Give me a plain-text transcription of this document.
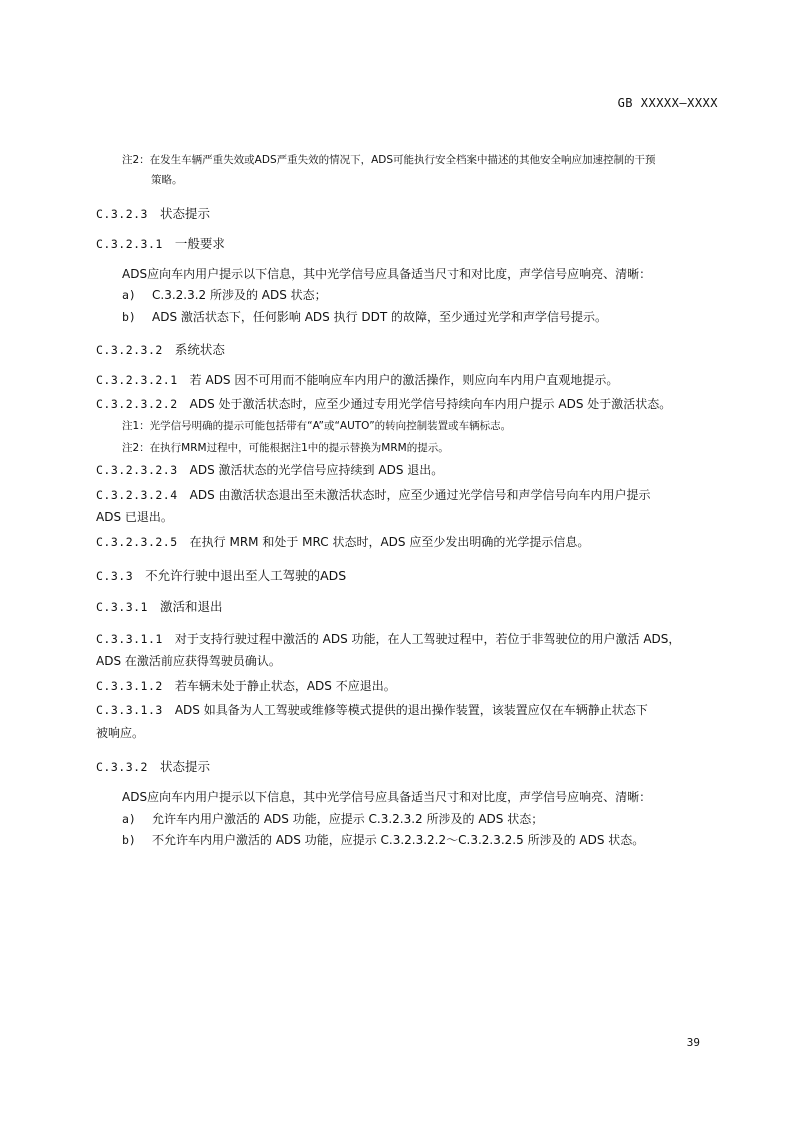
GB XXXXX—XXXX
注2：在发生车辆严重失效或ADS严重失效的情况下，ADS可能执行安全档案中描述的其他安全响应加速控制的干预
策略。
C.3.2.3 状态提示
C.3.2.3.1 一般要求
ADS应向车内用户提示以下信息，其中光学信号应具备适当尺寸和对比度，声学信号应响亮、清晰：
a) C.3.2.3.2 所涉及的 ADS 状态；
b) ADS 激活状态下，任何影响 ADS 执行 DDT 的故障，至少通过光学和声学信号提示。
C.3.2.3.2 系统状态
C.3.2.3.2.1 若 ADS 因不可用而不能响应车内用户的激活操作，则应向车内用户直观地提示。
C.3.2.3.2.2 ADS 处于激活状态时，应至少通过专用光学信号持续向车内用户提示 ADS 处于激活状态。
注1：光学信号明确的提示可能包括带有“A”或“AUTO”的转向控制装置或车辆标志。
注2：在执行MRM过程中，可能根据注1中的提示替换为MRM的提示。
C.3.2.3.2.3 ADS 激活状态的光学信号应持续到 ADS 退出。
C.3.2.3.2.4 ADS 由激活状态退出至未激活状态时，应至少通过光学信号和声学信号向车内用户提示
ADS 已退出。
C.3.2.3.2.5 在执行 MRM 和处于 MRC 状态时，ADS 应至少发出明确的光学提示信息。
C.3.3 不允许行驶中退出至人工驾驶的ADS
C.3.3.1 激活和退出
C.3.3.1.1 对于支持行驶过程中激活的 ADS 功能，在人工驾驶过程中，若位于非驾驶位的用户激活 ADS，
ADS 在激活前应获得驾驶员确认。
C.3.3.1.2 若车辆未处于静止状态，ADS 不应退出。
C.3.3.1.3 ADS 如具备为人工驾驶或维修等模式提供的退出操作装置，该装置应仅在车辆静止状态下
被响应。
C.3.3.2 状态提示
ADS应向车内用户提示以下信息，其中光学信号应具备适当尺寸和对比度，声学信号应响亮、清晰：
a) 允许车内用户激活的 ADS 功能，应提示 C.3.2.3.2 所涉及的 ADS 状态；
b) 不允许车内用户激活的 ADS 功能，应提示 C.3.2.3.2.2～C.3.2.3.2.5 所涉及的 ADS 状态。
39
